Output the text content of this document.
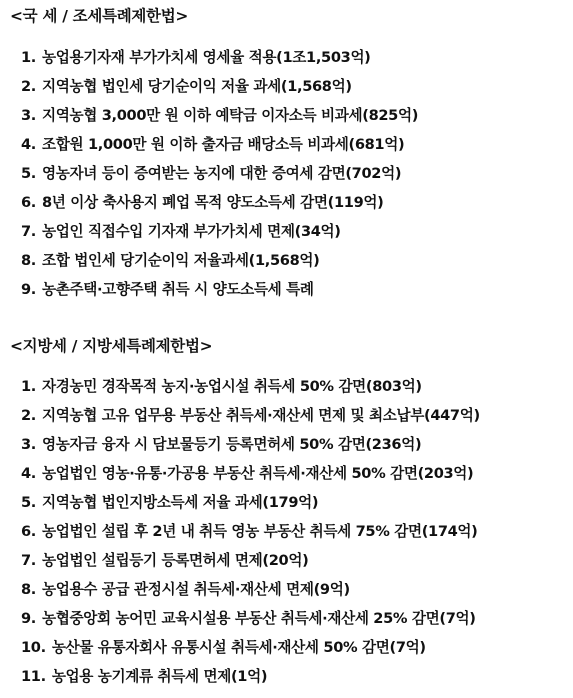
<국 세 / 조세특례제한법>
1. 농업용기자재 부가가치세 영세율 적용(1조1,503억)
2. 지역농협 법인세 당기순이익 저율 과세(1,568억)
3. 지역농협 3,000만 원 이하 예탁금 이자소득 비과세(825억)
4. 조합원 1,000만 원 이하 출자금 배당소득 비과세(681억)
5. 영농자녀 등이 증여받는 농지에 대한 증여세 감면(702억)
6. 8년 이상 축사용지 폐업 목적 양도소득세 감면(119억)
7. 농업인 직접수입 기자재 부가가치세 면제(34억)
8. 조합 법인세 당기순이익 저율과세(1,568억)
9. 농촌주택·고향주택 취득 시 양도소득세 특례
<지방세 / 지방세특례제한법>
1. 자경농민 경작목적 농지·농업시설 취득세 50% 감면(803억)
2. 지역농협 고유 업무용 부동산 취득세·재산세 면제 및 최소납부(447억)
3. 영농자금 융자 시 담보물등기 등록면허세 50% 감면(236억)
4. 농업법인 영농·유통·가공용 부동산 취득세·재산세 50% 감면(203억)
5. 지역농협 법인지방소득세 저율 과세(179억)
6. 농업법인 설립 후 2년 내 취득 영농 부동산 취득세 75% 감면(174억)
7. 농업법인 설립등기 등록면허세 면제(20억)
8. 농업용수 공급 관정시설 취득세·재산세 면제(9억)
9. 농협중앙회 농어민 교육시설용 부동산 취득세·재산세 25% 감면(7억)
10. 농산물 유통자회사 유통시설 취득세·재산세 50% 감면(7억)
11. 농업용 농기계류 취득세 면제(1억)
